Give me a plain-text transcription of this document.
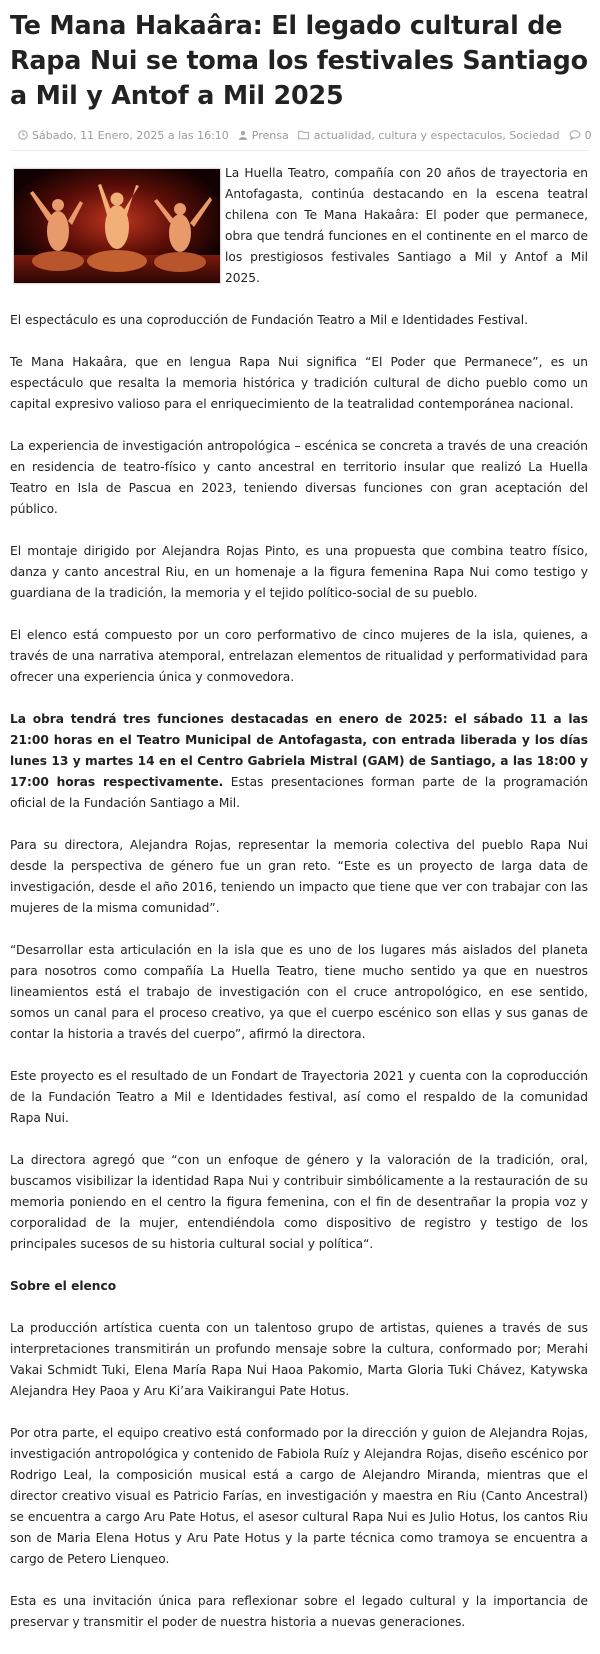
Te Mana Hakaâra: El legado cultural de Rapa Nui se toma los festivales Santiago a Mil y Antof a Mil 2025
Sábado, 11 Enero, 2025 a las 16:10 Prensa actualidad, cultura y espectaculos, Sociedad 0

La Huella Teatro, compañía con 20 años de trayectoria en Antofagasta, continúa destacando en la escena teatral chilena con Te Mana Hakaâra: El poder que permanece, obra que tendrá funciones en el continente en el marco de los prestigiosos festivales Santiago a Mil y Antof a Mil 2025.

El espectáculo es una coproducción de Fundación Teatro a Mil e Identidades Festival.

Te Mana Hakaâra, que en lengua Rapa Nui significa “El Poder que Permanece”, es un espectáculo que resalta la memoria histórica y tradición cultural de dicho pueblo como un capital expresivo valioso para el enriquecimiento de la teatralidad contemporánea nacional.

La experiencia de investigación antropológica – escénica se concreta a través de una creación en residencia de teatro-físico y canto ancestral en territorio insular que realizó La Huella Teatro en Isla de Pascua en 2023, teniendo diversas funciones con gran aceptación del público.

El montaje dirigido por Alejandra Rojas Pinto, es una propuesta que combina teatro físico, danza y canto ancestral Riu, en un homenaje a la figura femenina Rapa Nui como testigo y guardiana de la tradición, la memoria y el tejido político-social de su pueblo.

El elenco está compuesto por un coro performativo de cinco mujeres de la isla, quienes, a través de una narrativa atemporal, entrelazan elementos de ritualidad y performatividad para ofrecer una experiencia única y conmovedora.

La obra tendrá tres funciones destacadas en enero de 2025: el sábado 11 a las 21:00 horas en el Teatro Municipal de Antofagasta, con entrada liberada y los días lunes 13 y martes 14 en el Centro Gabriela Mistral (GAM) de Santiago, a las 18:00 y 17:00 horas respectivamente. Estas presentaciones forman parte de la programación oficial de la Fundación Santiago a Mil.

Para su directora, Alejandra Rojas, representar la memoria colectiva del pueblo Rapa Nui desde la perspectiva de género fue un gran reto. “Este es un proyecto de larga data de investigación, desde el año 2016, teniendo un impacto que tiene que ver con trabajar con las mujeres de la misma comunidad”.

“Desarrollar esta articulación en la isla que es uno de los lugares más aislados del planeta para nosotros como compañía La Huella Teatro, tiene mucho sentido ya que en nuestros lineamientos está el trabajo de investigación con el cruce antropológico, en ese sentido, somos un canal para el proceso creativo, ya que el cuerpo escénico son ellas y sus ganas de contar la historia a través del cuerpo”, afirmó la directora.

Este proyecto es el resultado de un Fondart de Trayectoria 2021 y cuenta con la coproducción de la Fundación Teatro a Mil e Identidades festival, así como el respaldo de la comunidad Rapa Nui.

La directora agregó que “con un enfoque de género y la valoración de la tradición, oral, buscamos visibilizar la identidad Rapa Nui y contribuir simbólicamente a la restauración de su memoria poniendo en el centro la figura femenina, con el fin de desentrañar la propia voz y corporalidad de la mujer, entendiéndola como dispositivo de registro y testigo de los principales sucesos de su historia cultural social y política“.

Sobre el elenco

La producción artística cuenta con un talentoso grupo de artistas, quienes a través de sus interpretaciones transmitirán un profundo mensaje sobre la cultura, conformado por; Merahi Vakai Schmidt Tuki, Elena María Rapa Nui Haoa Pakomio, Marta Gloria Tuki Chávez, Katywska Alejandra Hey Paoa y Aru Ki’ara Vaikirangui Pate Hotus.

Por otra parte, el equipo creativo está conformado por la dirección y guion de Alejandra Rojas, investigación antropológica y contenido de Fabiola Ruíz y Alejandra Rojas, diseño escénico por Rodrigo Leal, la composición musical está a cargo de Alejandro Miranda, mientras que el director creativo visual es Patricio Farías, en investigación y maestra en Riu (Canto Ancestral) se encuentra a cargo Aru Pate Hotus, el asesor cultural Rapa Nui es Julio Hotus, los cantos Riu son de Maria Elena Hotus y Aru Pate Hotus y la parte técnica como tramoya se encuentra a cargo de Petero Lienqueo.

Esta es una invitación única para reflexionar sobre el legado cultural y la importancia de preservar y transmitir el poder de nuestra historia a nuevas generaciones.
